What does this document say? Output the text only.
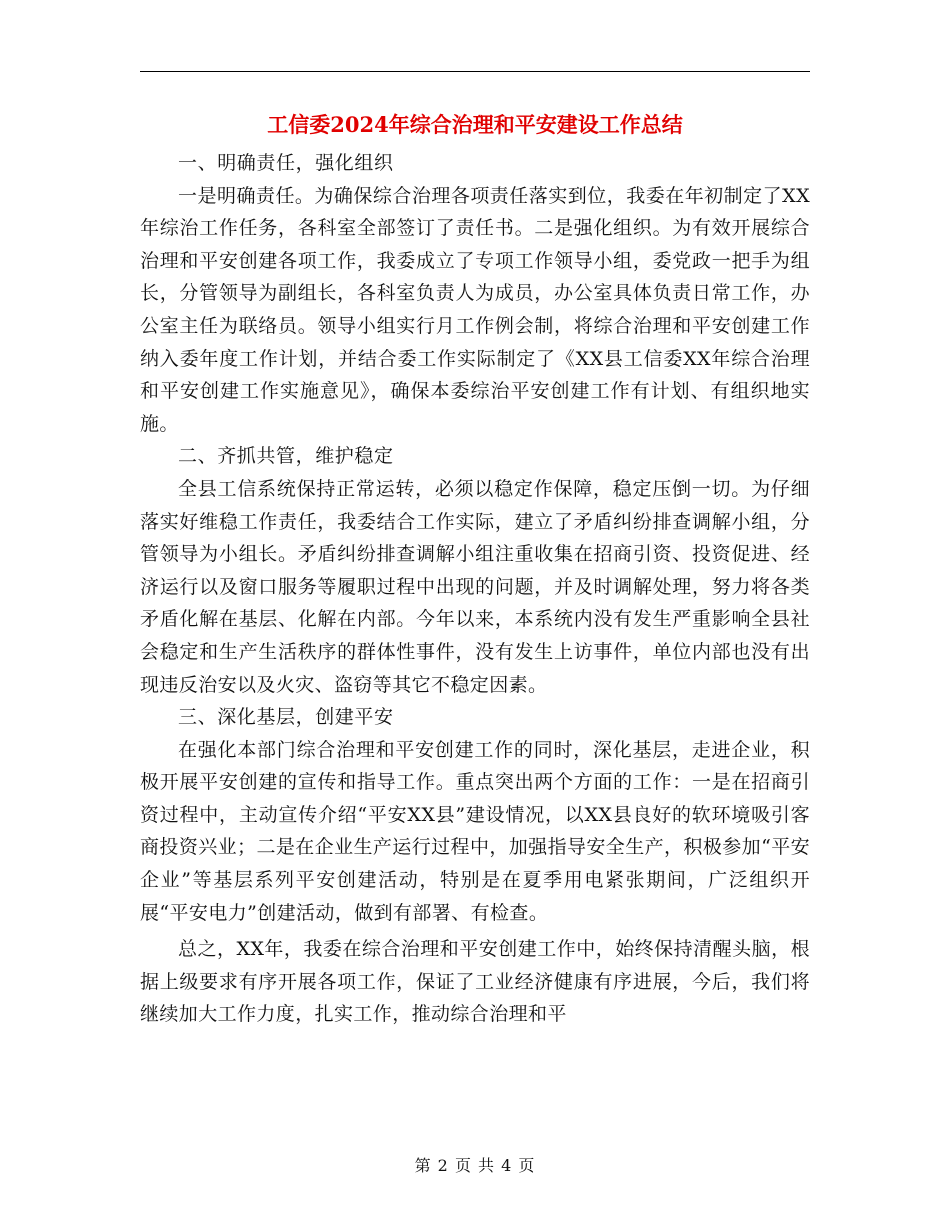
工信委2024年综合治理和平安建设工作总结

一、明确责任，强化组织

一是明确责任。为确保综合治理各项责任落实到位，我委在年初制定了XX年综治工作任务，各科室全部签订了责任书。二是强化组织。为有效开展综合治理和平安创建各项工作，我委成立了专项工作领导小组，委党政一把手为组长，分管领导为副组长，各科室负责人为成员，办公室具体负责日常工作，办公室主任为联络员。领导小组实行月工作例会制，将综合治理和平安创建工作纳入委年度工作计划，并结合委工作实际制定了《XX县工信委XX年综合治理和平安创建工作实施意见》，确保本委综治平安创建工作有计划、有组织地实施。

二、齐抓共管，维护稳定

全县工信系统保持正常运转，必须以稳定作保障，稳定压倒一切。为仔细落实好维稳工作责任，我委结合工作实际，建立了矛盾纠纷排查调解小组，分管领导为小组长。矛盾纠纷排查调解小组注重收集在招商引资、投资促进、经济运行以及窗口服务等履职过程中出现的问题，并及时调解处理，努力将各类矛盾化解在基层、化解在内部。今年以来，本系统内没有发生严重影响全县社会稳定和生产生活秩序的群体性事件，没有发生上访事件，单位内部也没有出现违反治安以及火灾、盗窃等其它不稳定因素。

三、深化基层，创建平安

在强化本部门综合治理和平安创建工作的同时，深化基层，走进企业，积极开展平安创建的宣传和指导工作。重点突出两个方面的工作：一是在招商引资过程中，主动宣传介绍“平安XX县”建设情况，以XX县良好的软环境吸引客商投资兴业；二是在企业生产运行过程中，加强指导安全生产，积极参加“平安企业”等基层系列平安创建活动，特别是在夏季用电紧张期间，广泛组织开展“平安电力”创建活动，做到有部署、有检查。

总之，XX年，我委在综合治理和平安创建工作中，始终保持清醒头脑，根据上级要求有序开展各项工作，保证了工业经济健康有序进展，今后，我们将继续加大工作力度，扎实工作，推动综合治理和平

第 2 页 共 4 页
